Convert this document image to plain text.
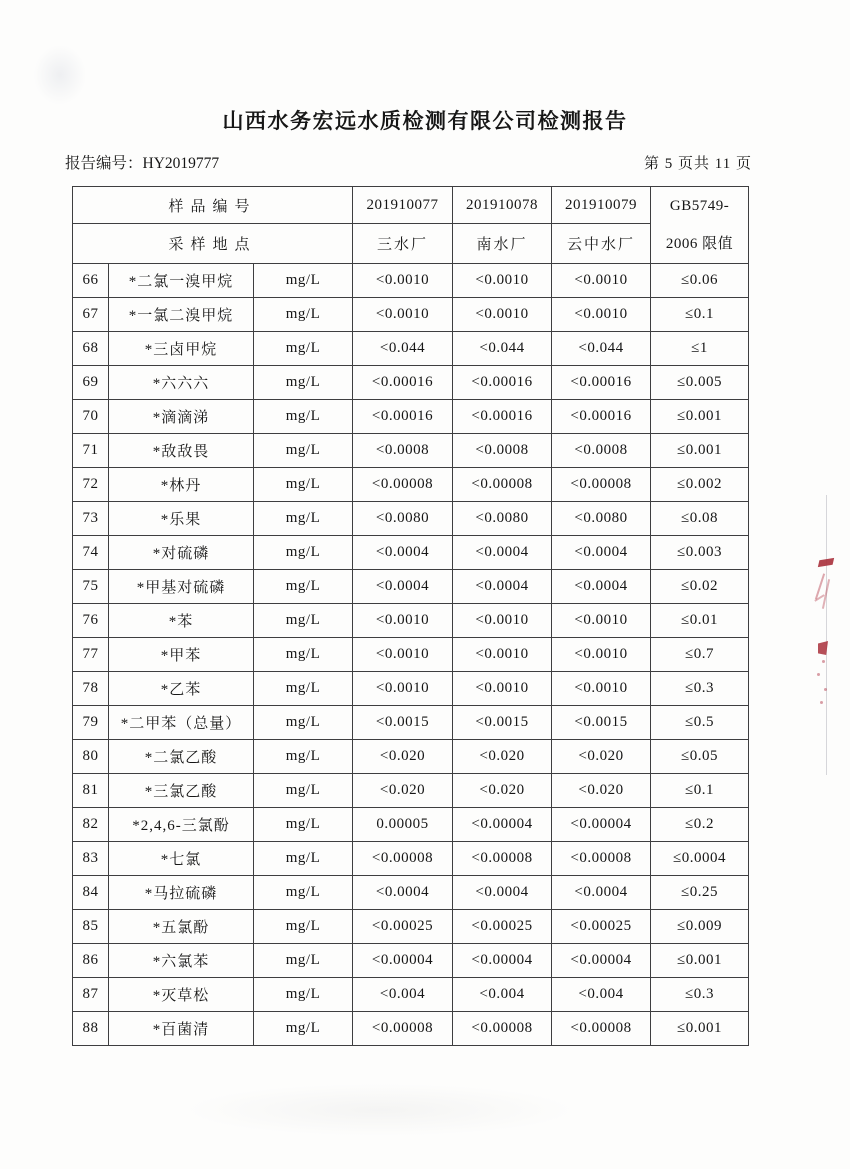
山西水务宏远水质检测有限公司检测报告
报告编号：HY2019777	第 5 页共 11 页
样品编号			201910077	201910078	201910079	GB5749-
2006 限值

采样地点			三水厂	南水厂	云中水厂	
66	*二氯一溴甲烷	mg/L	<0.0010	<0.0010	<0.0010	≤0.06
67	*一氯二溴甲烷	mg/L	<0.0010	<0.0010	<0.0010	≤0.1
68	*三卤甲烷	mg/L	<0.044	<0.044	<0.044	≤1
69	*六六六	mg/L	<0.00016	<0.00016	<0.00016	≤0.005
70	*滴滴涕	mg/L	<0.00016	<0.00016	<0.00016	≤0.001
71	*敌敌畏	mg/L	<0.0008	<0.0008	<0.0008	≤0.001
72	*林丹	mg/L	<0.00008	<0.00008	<0.00008	≤0.002
73	*乐果	mg/L	<0.0080	<0.0080	<0.0080	≤0.08
74	*对硫磷	mg/L	<0.0004	<0.0004	<0.0004	≤0.003
75	*甲基对硫磷	mg/L	<0.0004	<0.0004	<0.0004	≤0.02
76	*苯	mg/L	<0.0010	<0.0010	<0.0010	≤0.01
77	*甲苯	mg/L	<0.0010	<0.0010	<0.0010	≤0.7
78	*乙苯	mg/L	<0.0010	<0.0010	<0.0010	≤0.3
79	*二甲苯（总量）	mg/L	<0.0015	<0.0015	<0.0015	≤0.5
80	*二氯乙酸	mg/L	<0.020	<0.020	<0.020	≤0.05
81	*三氯乙酸	mg/L	<0.020	<0.020	<0.020	≤0.1
82	*2,4,6-三氯酚	mg/L	0.00005	<0.00004	<0.00004	≤0.2
83	*七氯	mg/L	<0.00008	<0.00008	<0.00008	≤0.0004
84	*马拉硫磷	mg/L	<0.0004	<0.0004	<0.0004	≤0.25
85	*五氯酚	mg/L	<0.00025	<0.00025	<0.00025	≤0.009
86	*六氯苯	mg/L	<0.00004	<0.00004	<0.00004	≤0.001
87	*灭草松	mg/L	<0.004	<0.004	<0.004	≤0.3
88	*百菌清	mg/L	<0.00008	<0.00008	<0.00008	≤0.001
